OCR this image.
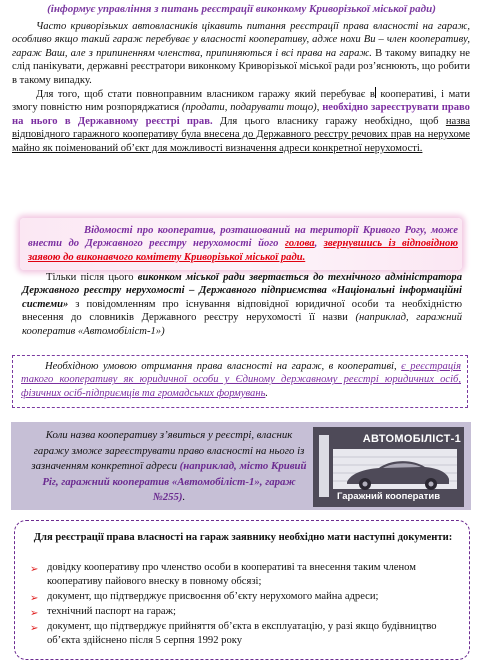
(інформує управління з питань реєстрації виконкому Криворізької міської ради)

Часто криворізьких автовласників цікавить питання реєстрації права власності на гараж, особливо якщо такий гараж перебуває у власності кооперативу, адже нохи Ви – член кооперативу, гараж Ваш, але з припиненням членства, припиняються і всі права на гараж. В такому випадку не слід панікувати, державні реєстратори виконкому Криворізької міської ради роз’яснюють, що робити в такому випадку.

Для того, щоб стати повноправним власником гаражу який перебуває в кооперативі, і мати змогу повністю ним розпоряджатися (продати, подарувати тощо), необхідно зареєструвати право на нього в Державному реєстрі прав. Для цього власнику гаражу необхідно, щоб назва відповідного гаражного кооперативу була внесена до Державного реєстру речових прав на нерухоме майно як поіменований об’єкт для можливості визначення адреси конкретної нерухомості.

Відомості про кооператив, розташований на території Кривого Рогу, може внести до Державного реєстру нерухомості його голова, звернувшись із відповідною заявою до виконавчого комітету Криворізької міської ради.

Тільки після цього виконком міської ради звертається до технічного адміністратора Державного реєстру нерухомості – Державного підприємства «Національні інформаційні системи» з повідомленням про існування відповідної юридичної особи та необхідністю внесення до словників Державного реєстру нерухомості її назви (наприклад, гаражний кооператив «Автомобіліст-1»)

Необхідною умовою отримання права власності на гараж, в кооперативі, є реєстрація такого кооперативу як юридичної особи у Єдиному державному реєстрі юридичних осіб, фізичних осіб-підприємців та громадських формувань.

Коли назва кооперативу з’явиться у реєстрі, власник гаражу зможе зареєструвати право власності на нього із зазначенням конкретної адреси (наприклад, місто Кривий Ріг, гаражний кооператив «Автомобіліст-1», гараж №255).

АВТОМОБІЛІСТ-1
Гаражний кооператив
Для реєстрації права власності на гараж заявнику необхідно мати наступні документи:
➢ довідку кооперативу про членство особи в кооперативі та внесення таким членом кооперативу пайового внеску в повному обсязі;
➢ документ, що підтверджує присвоєння об’єкту нерухомого майна адреси;
➢ технічний паспорт на гараж;
➢ документ, що підтверджує прийняття об’єкта в експлуатацію, у разі якщо будівництво об’єкта здійснено після 5 серпня 1992 року
